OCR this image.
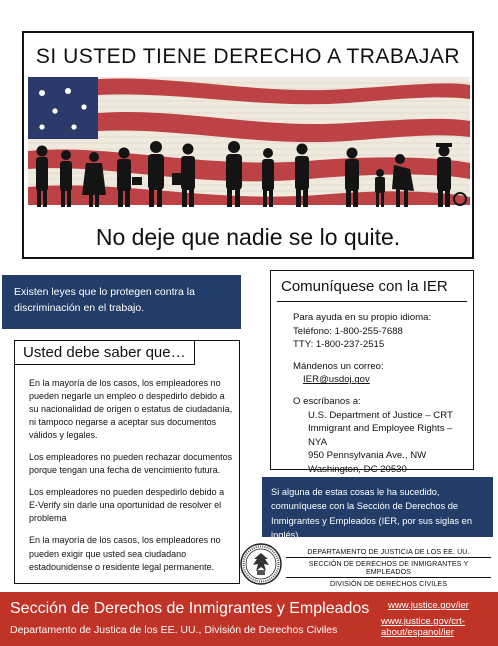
SI USTED TIENE DERECHO A TRABAJAR
No deje que nadie se lo quite.
Existen leyes que lo protegen contra la discriminación en el trabajo.
Comuníquese con la IER
Para ayuda en su propio idioma:
Teléfono: 1-800-255-7688
TTY: 1-800-237-2515
Mándenos un correo:
IER@usdoj.gov
O escríbanos a:
U.S. Department of Justice – CRT
Immigrant and Employee Rights – NYA
950 Pennsylvania Ave., NW
Washington, DC 20530
Usted debe saber que…

En la mayoría de los casos, los empleadores no pueden negarle un empleo o despedirlo debido a su nacionalidad de origen o estatus de ciudadanía, ni tampoco negarse a aceptar sus documentos válidos y legales.

Los empleadores no pueden rechazar documentos porque tengan una fecha de vencimiento futura.

Los empleadores no pueden despedirlo debido a E-Verify sin darle una oportunidad de resolver el problema

En la mayoría de los casos, los empleadores no pueden exigir que usted sea ciudadano estadounidense o residente legal permanente.

Si alguna de estas cosas le ha sucedido, comuníquese con la Sección de Derechos de Inmigrantes y Empleados (IER, por sus siglas en inglés)
DEPARTAMENTO DE JUSTICIA DE LOS EE. UU.
SECCIÓN DE DERECHOS DE INMIGRANTES Y EMPLEADOS
DIVISIÓN DE DERECHOS CIVILES
Sección de Derechos de Inmigrantes y Empleados
Departamento de Justica de los EE. UU., División de Derechos Civiles
www.justice.gov/ier
www.justice.gov/crt-about/espanol/ier
